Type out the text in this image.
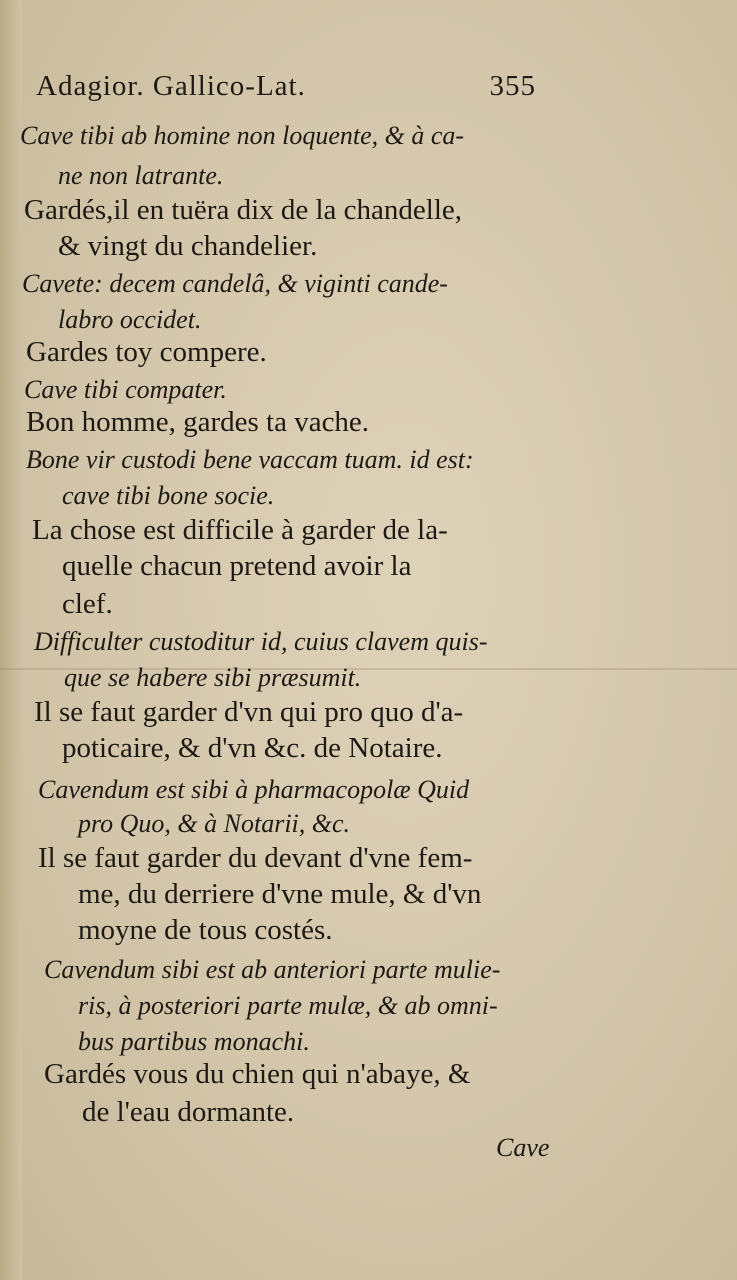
Adagior. Gallico-Lat.	355
Cave tibi ab homine non loquente, & à ca-
ne non latrante.
Gardés,il en tuëra dix de la chandelle,
& vingt du chandelier.
Cavete: decem candelâ, & viginti cande-
labro occidet.
Gardes toy compere.
Cave tibi compater.
Bon homme, gardes ta vache.
Bone vir custodi bene vaccam tuam. id est:
cave tibi bone socie.
La chose est difficile à garder de la-
quelle chacun pretend avoir la
clef.
Difficulter custoditur id, cuius clavem quis-
que se habere sibi præsumit.
Il se faut garder d'vn qui pro quo d'a-
poticaire, & d'vn &c. de Notaire.
Cavendum est sibi à pharmacopolæ Quid
pro Quo, & à Notarii, &c.
Il se faut garder du devant d'vne fem-
me, du derriere d'vne mule, & d'vn
moyne de tous costés.
Cavendum sibi est ab anteriori parte mulie-
ris, à posteriori parte mulæ, & ab omni-
bus partibus monachi.
Gardés vous du chien qui n'abaye, &
de l'eau dormante.
Cave
